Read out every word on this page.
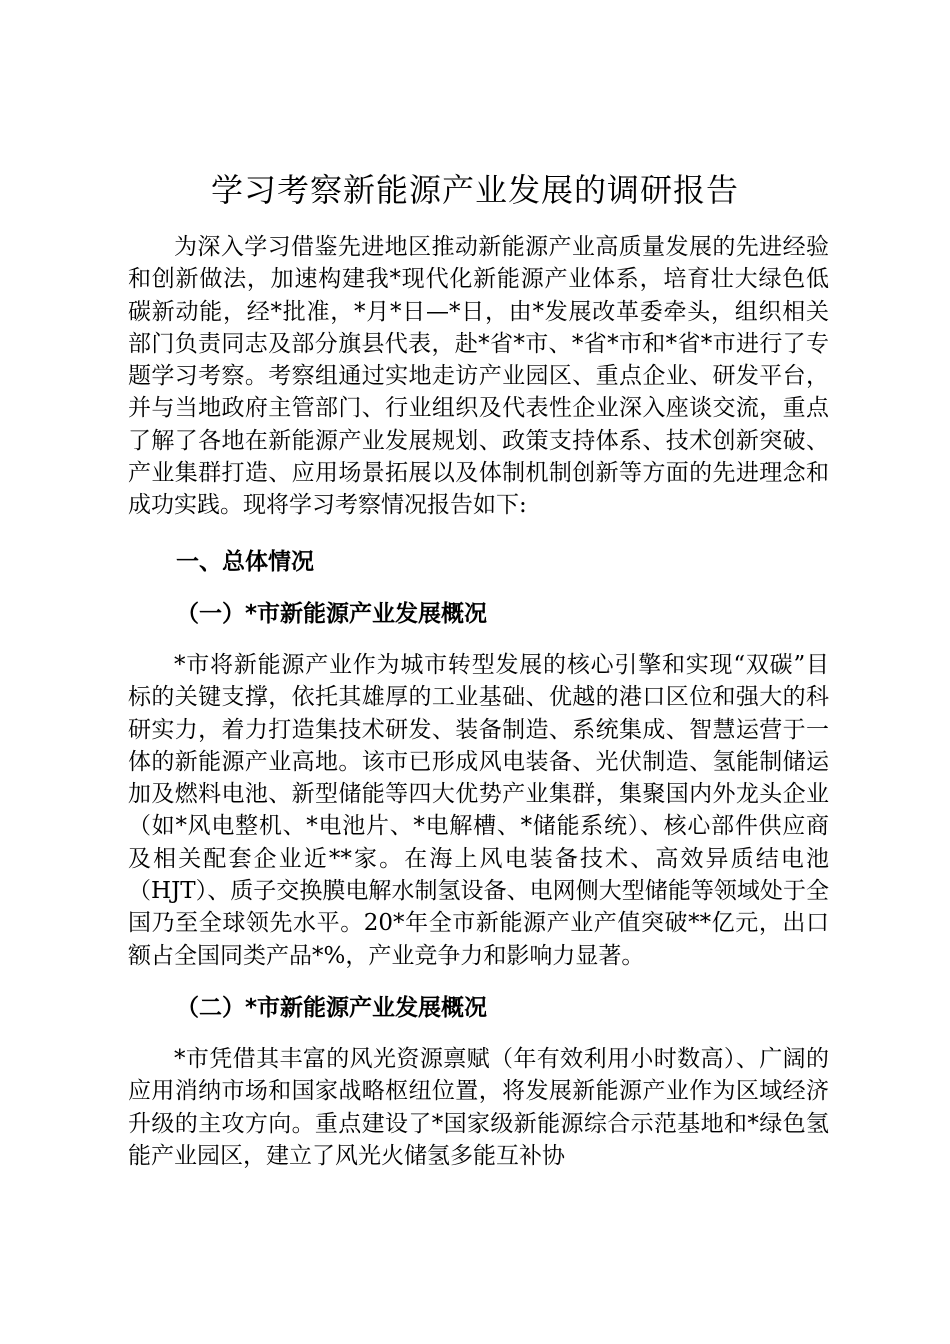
学习考察新能源产业发展的调研报告

为深入学习借鉴先进地区推动新能源产业高质量发展的先进经验和创新做法，加速构建我*现代化新能源产业体系，培育壮大绿色低碳新动能，经*批准，*月*日—*日，由*发展改革委牵头，组织相关部门负责同志及部分旗县代表，赴*省*市、*省*市和*省*市进行了专题学习考察。考察组通过实地走访产业园区、重点企业、研发平台，并与当地政府主管部门、行业组织及代表性企业深入座谈交流，重点了解了各地在新能源产业发展规划、政策支持体系、技术创新突破、产业集群打造、应用场景拓展以及体制机制创新等方面的先进理念和成功实践。现将学习考察情况报告如下:

一、总体情况
（一）*市新能源产业发展概况

*市将新能源产业作为城市转型发展的核心引擎和实现“双碳”目标的关键支撑，依托其雄厚的工业基础、优越的港口区位和强大的科研实力，着力打造集技术研发、装备制造、系统集成、智慧运营于一体的新能源产业高地。该市已形成风电装备、光伏制造、氢能制储运加及燃料电池、新型储能等四大优势产业集群，集聚国内外龙头企业（如*风电整机、*电池片、*电解槽、*储能系统）、核心部件供应商及相关配套企业近**家。在海上风电装备技术、高效异质结电池（HJT）、质子交换膜电解水制氢设备、电网侧大型储能等领域处于全国乃至全球领先水平。20*年全市新能源产业产值突破**亿元，出口额占全国同类产品*%，产业竞争力和影响力显著。

（二）*市新能源产业发展概况

*市凭借其丰富的风光资源禀赋（年有效利用小时数高）、广阔的应用消纳市场和国家战略枢纽位置，将发展新能源产业作为区域经济升级的主攻方向。重点建设了*国家级新能源综合示范基地和*绿色氢能产业园区，建立了风光火储氢多能互补协
